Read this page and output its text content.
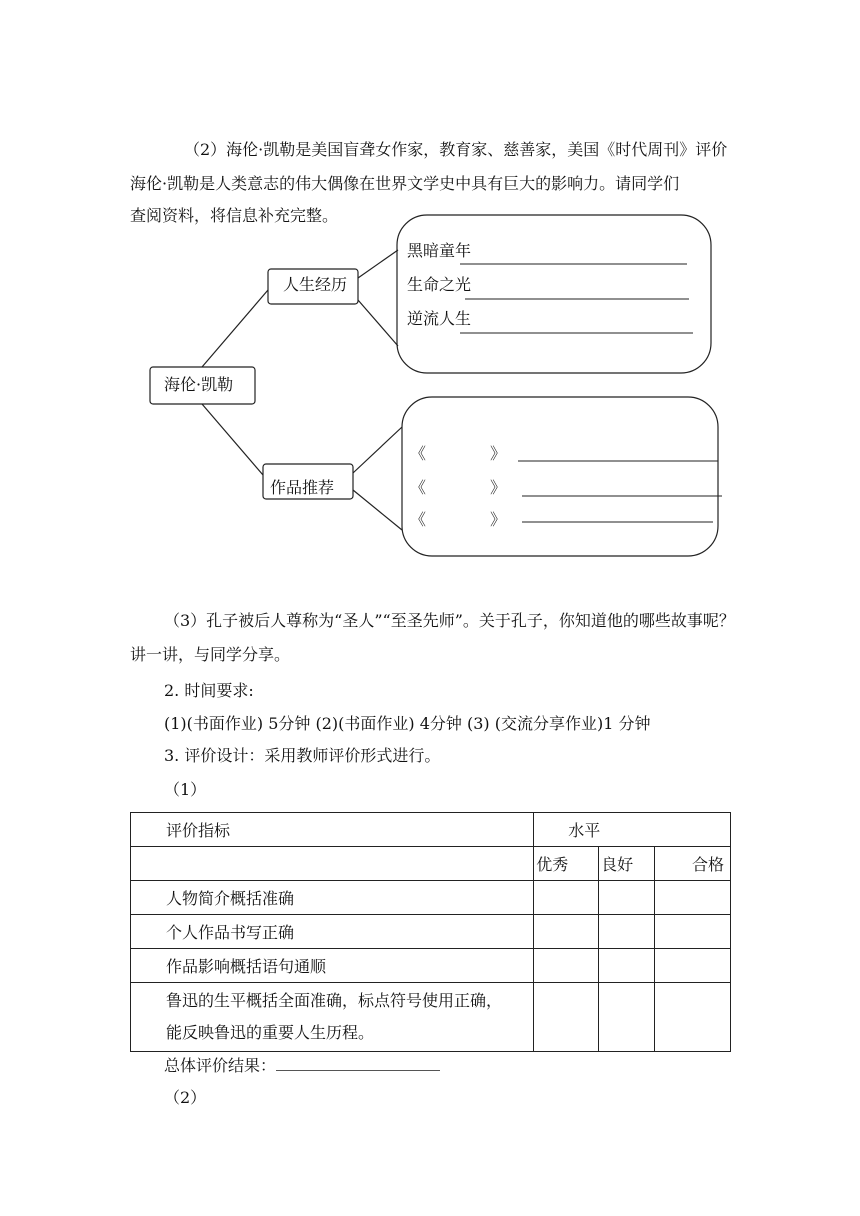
（2）海伦·凯勒是美国盲聋女作家，教育家、慈善家，美国《时代周刊》评价

海伦·凯勒是人类意志的伟大偶像在世界文学史中具有巨大的影响力。请同学们

查阅资料，将信息补充完整。

海伦·凯勒
人生经历
作品推荐
黑暗童年
生命之光
逆流人生
《　　　　》
《　　　　》
《　　　　》

（3）孔子被后人尊称为“圣人”“至圣先师”。关于孔子，你知道他的哪些故事呢？

讲一讲，与同学分享。

2. 时间要求:

(1)(书面作业) 5分钟 (2)(书面作业) 4分钟 (3) (交流分享作业)1 分钟

3. 评价设计：采用教师评价形式进行。

（1）

评价指标	水平		

	优秀	良好	合格

人物简介概括准确			

个人作品书写正确			

作品影响概括语句通顺			

鲁迅的生平概括全面准确，标点符号使用正确，
能反映鲁迅的重要人生历程。			

总体评价结果：

（2）
